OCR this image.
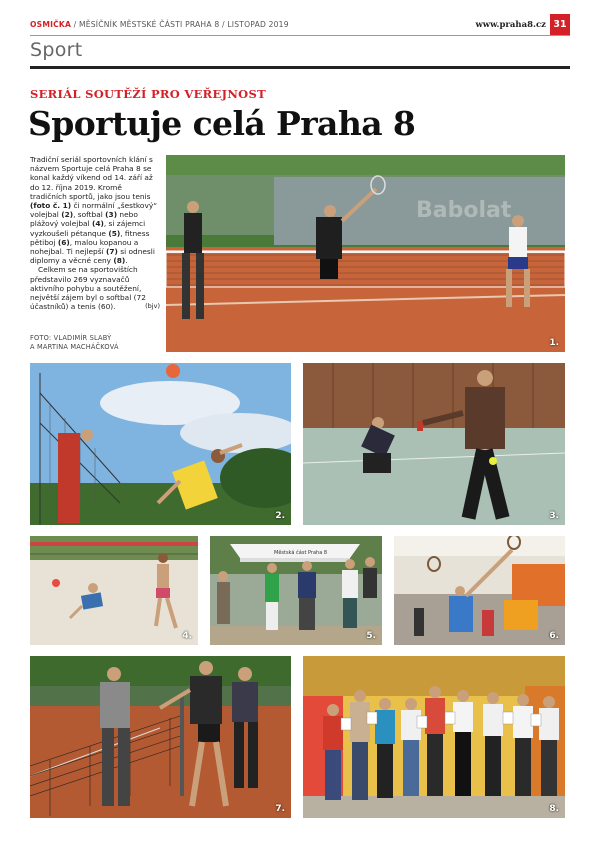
OSMIČKA / MĚSÍČNÍK MĚSTSKÉ ČÁSTI PRAHA 8 / LISTOPAD 2019	www.praha8.cz 31
Sport
SERIÁL SOUTĚŽÍ PRO VEŘEJNOST
Sportuje celá Praha 8

Tradiční seriál sportovních klání s názvem Sportuje celá Praha 8 se konal každý víkend od 14. září až do 12. října 2019. Kromě tradičních sportů, jako jsou tenis (foto č. 1) či normální „šestkový“ volejbal (2), softbal (3) nebo plážový volejbal (4), si zájemci vyzkoušeli pétanque (5), fitness pětiboj (6), malou kopanou a nohejbal. Ti nejlepší (7) si odnesli diplomy a věcné ceny (8).

Celkem se na sportovištích představilo 269 vyznavačů aktivního pohybu a soutěžení, největší zájem byl o softbal (72 účastníků) a tenis (60).	(bjv)

FOTO: VLADIMÍR SLABÝ
A MARTINA MACHÁČKOVÁ
Babolat
1.
2.	3.
4.
Městská část Praha 8
5.	6.
7.	8.
